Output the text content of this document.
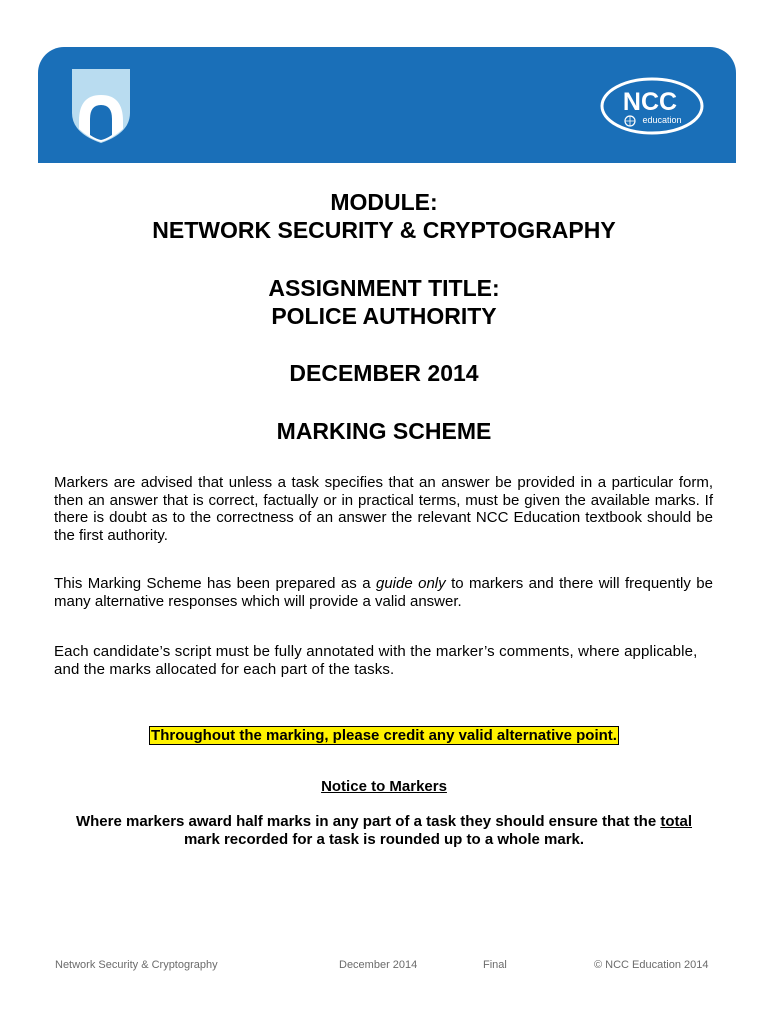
NCC
education
MODULE:
NETWORK SECURITY & CRYPTOGRAPHY
ASSIGNMENT TITLE:
POLICE AUTHORITY
DECEMBER 2014
MARKING SCHEME

Markers are advised that unless a task specifies that an answer be provided in a particular form, then an answer that is correct, factually or in practical terms, must be given the available marks. If there is doubt as to the correctness of an answer the relevant NCC Education textbook should be the first authority.

This Marking Scheme has been prepared as a guide only to markers and there will frequently be many alternative responses which will provide a valid answer.

Each candidate’s script must be fully annotated with the marker’s comments, where applicable,
and the marks allocated for each part of the tasks.

Throughout the marking, please credit any valid alternative point.
Notice to Markers
Where markers award half marks in any part of a task they should ensure that the total mark recorded for a task is rounded up to a whole mark.
Network Security & Cryptography	December 2014	Final	© NCC Education 2014
